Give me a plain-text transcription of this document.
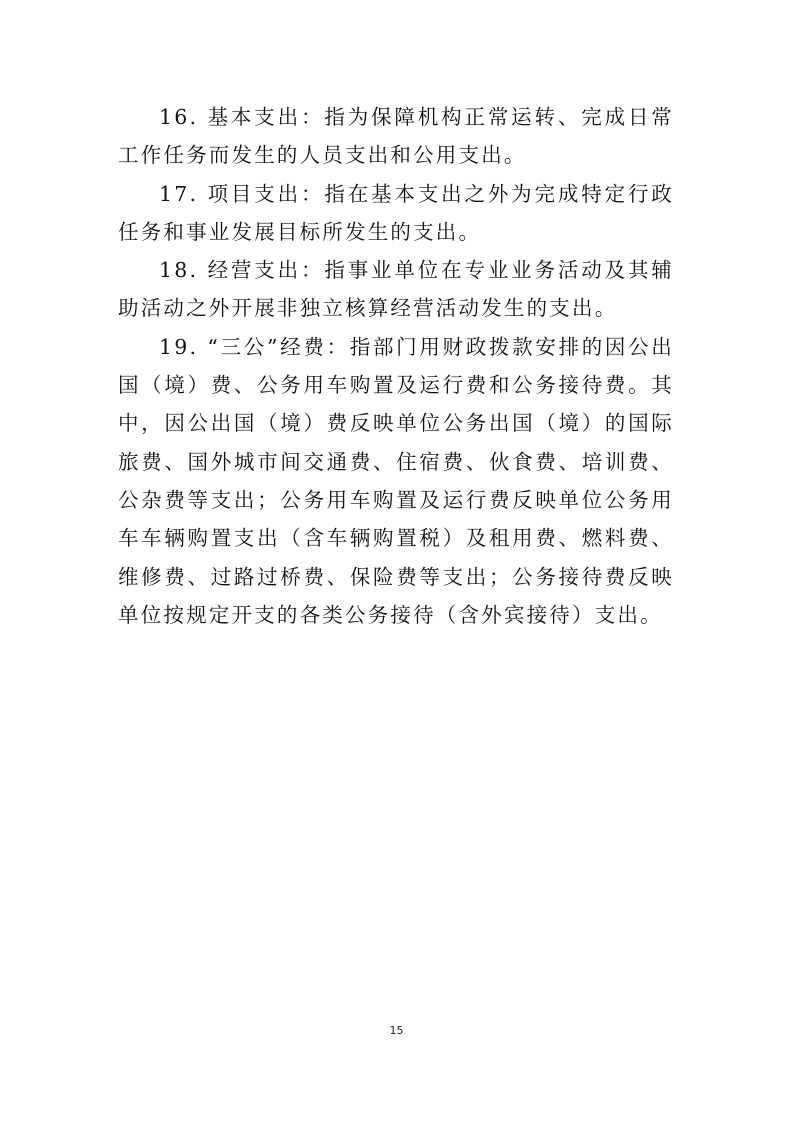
16. 基本支出：指为保障机构正常运转、完成日常工作任务而发生的人员支出和公用支出。

17. 项目支出：指在基本支出之外为完成特定行政任务和事业发展目标所发生的支出。

18. 经营支出：指事业单位在专业业务活动及其辅助活动之外开展非独立核算经营活动发生的支出。

19. “三公”经费：指部门用财政拨款安排的因公出国（境）费、公务用车购置及运行费和公务接待费。其中，因公出国（境）费反映单位公务出国（境）的国际旅费、国外城市间交通费、住宿费、伙食费、培训费、公杂费等支出；公务用车购置及运行费反映单位公务用车车辆购置支出（含车辆购置税）及租用费、燃料费、维修费、过路过桥费、保险费等支出；公务接待费反映单位按规定开支的各类公务接待（含外宾接待）支出。

15
